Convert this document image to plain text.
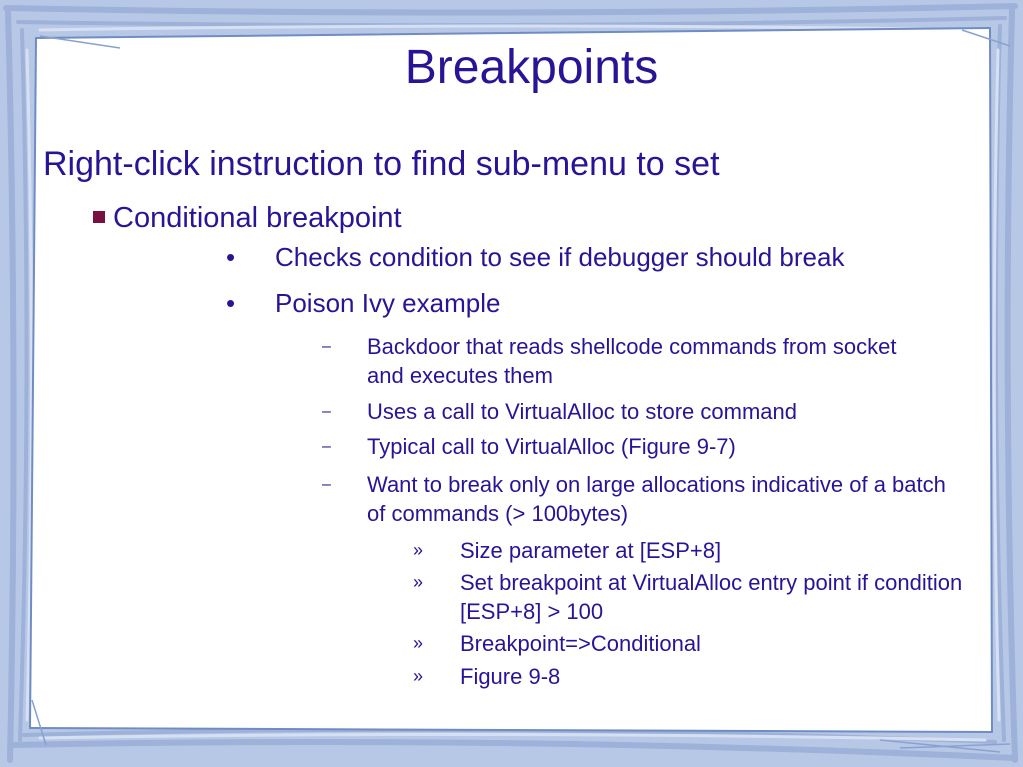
Breakpoints
Right-click instruction to find sub-menu to set
Conditional breakpoint
• Checks condition to see if debugger should break
• Poison Ivy example
– Backdoor that reads shellcode commands from socket and executes them
– Uses a call to VirtualAlloc to store command
– Typical call to VirtualAlloc (Figure 9-7)
– Want to break only on large allocations indicative of a batch of commands (> 100bytes)
» Size parameter at [ESP+8]
» Set breakpoint at VirtualAlloc entry point if condition [ESP+8] > 100
» Breakpoint=>Conditional
» Figure 9-8
